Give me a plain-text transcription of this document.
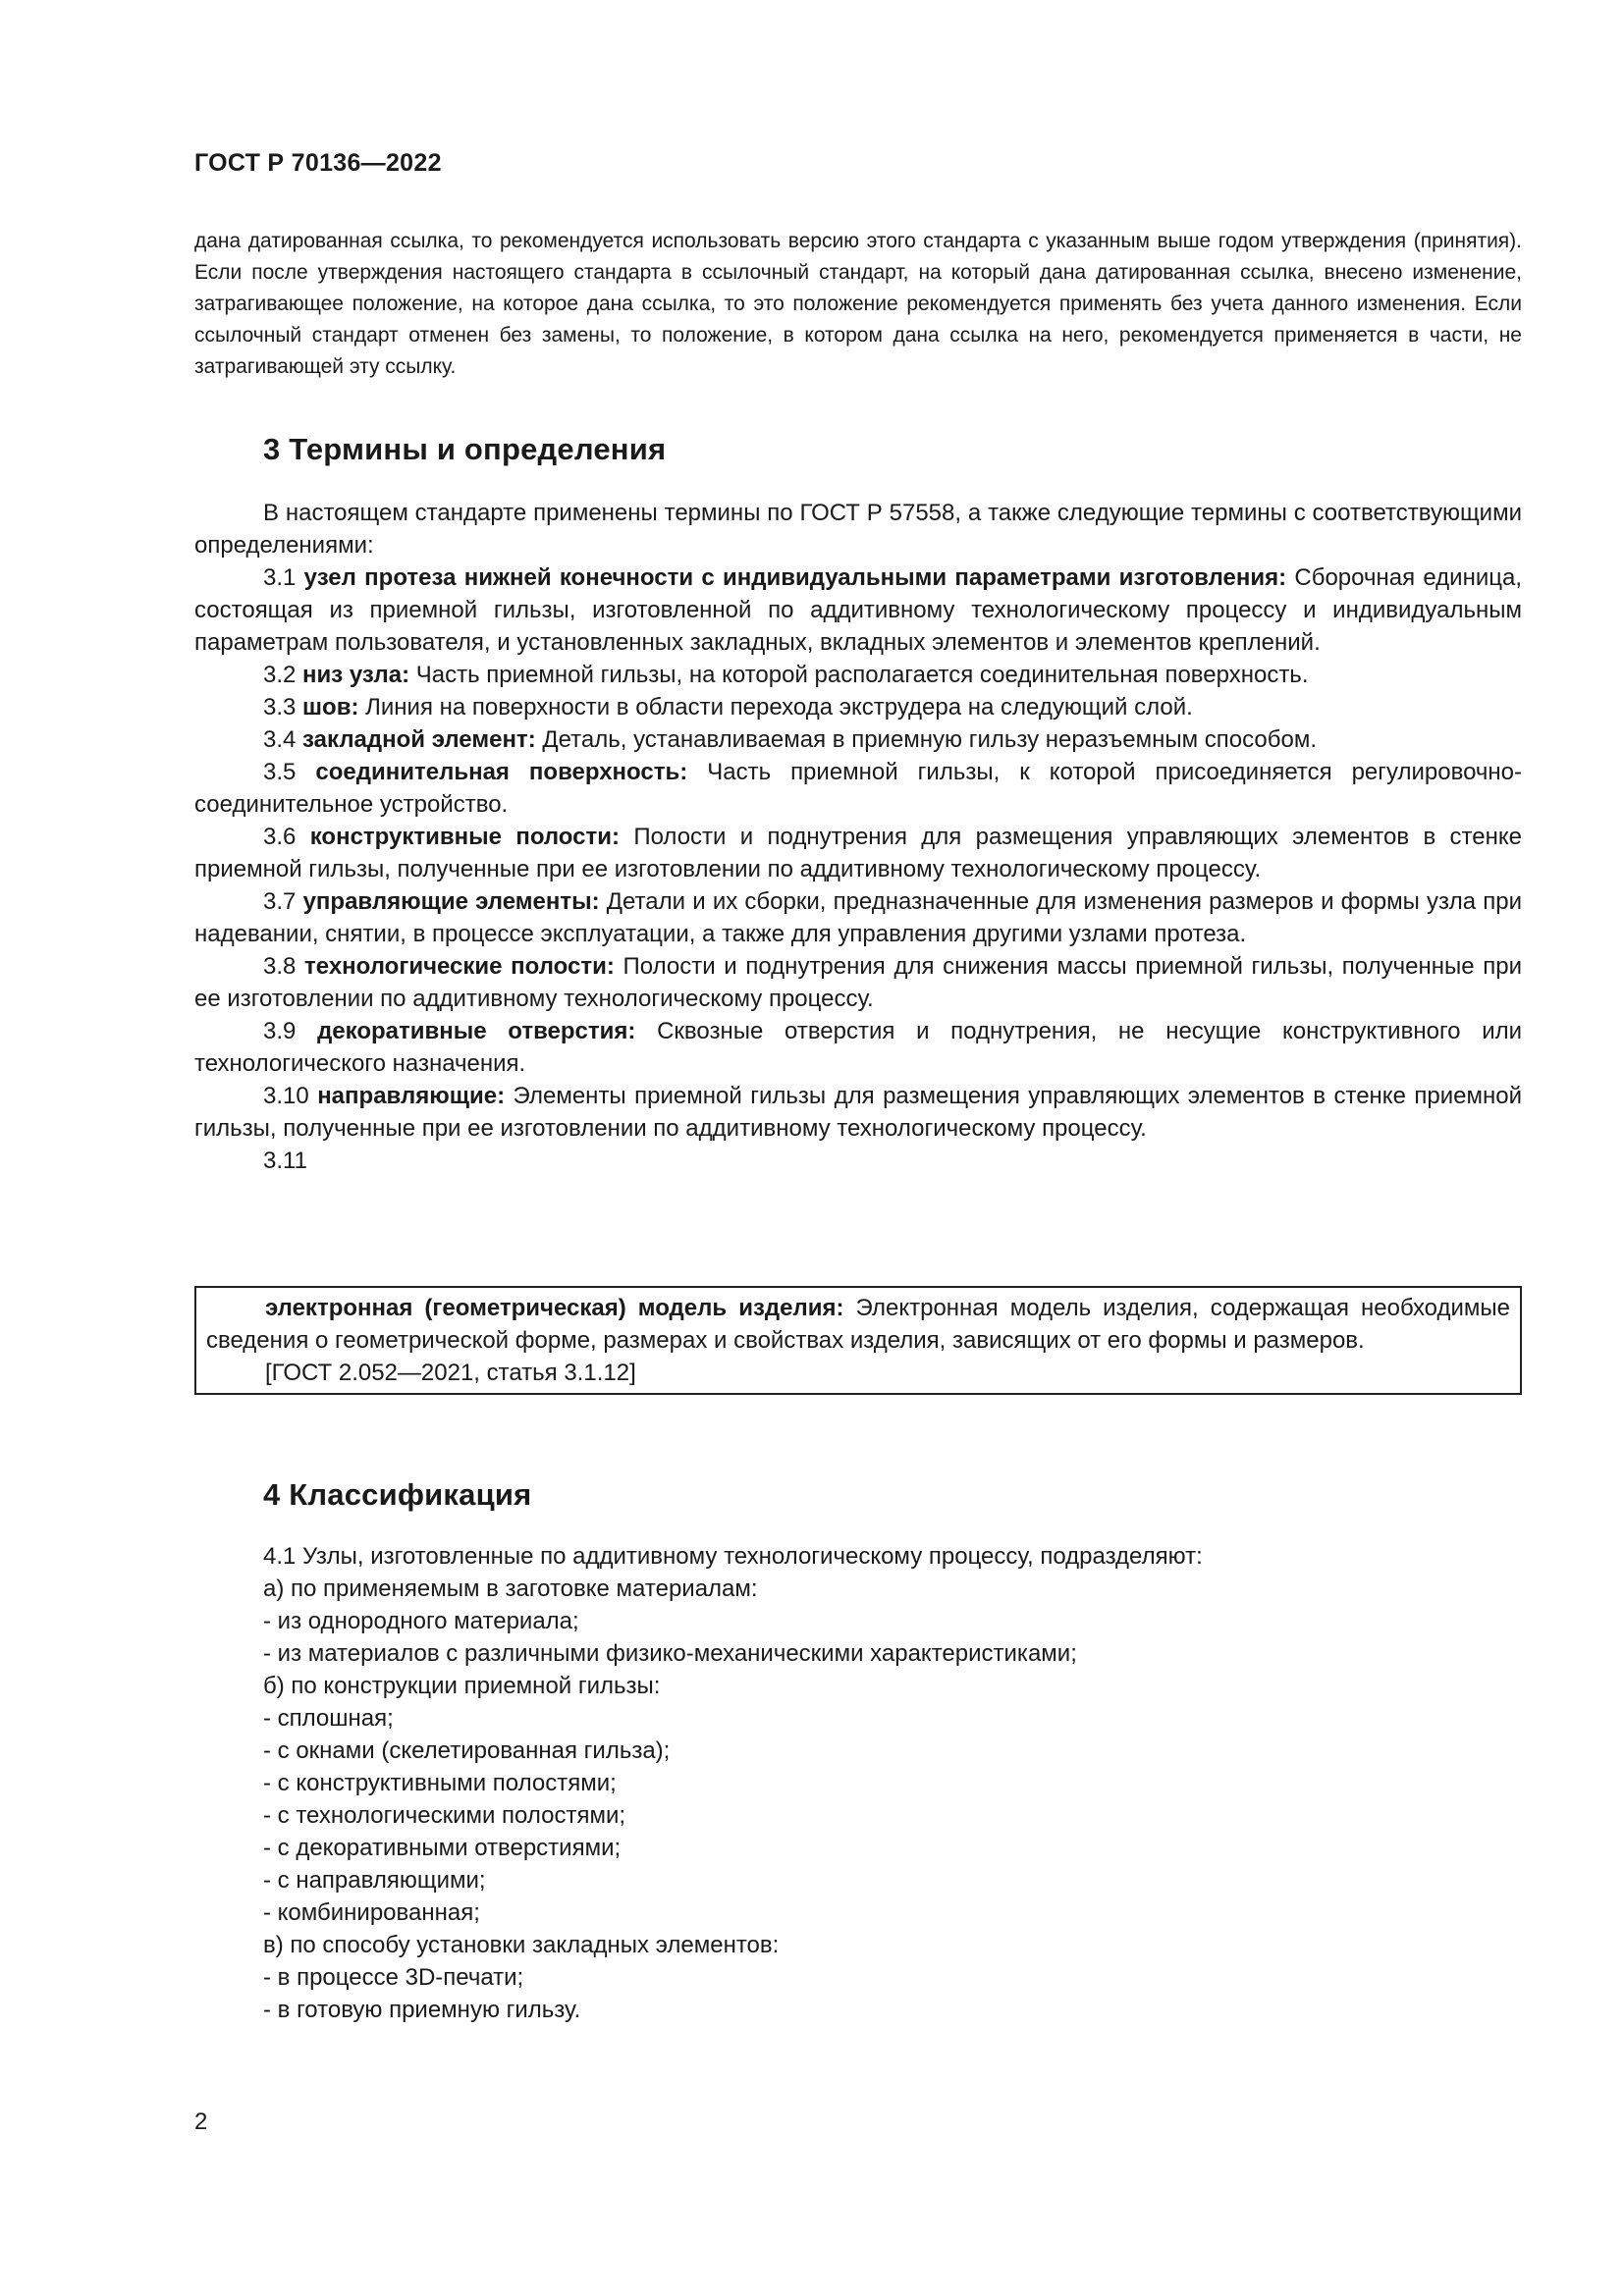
ГОСТ Р 70136—2022

дана датированная ссылка, то рекомендуется использовать версию этого стандарта с указанным выше годом утверждения (принятия). Если после утверждения настоящего стандарта в ссылочный стандарт, на который дана датированная ссылка, внесено изменение, затрагивающее положение, на которое дана ссылка, то это положение рекомендуется применять без учета данного изменения. Если ссылочный стандарт отменен без замены, то положение, в котором дана ссылка на него, рекомендуется применяется в части, не затрагивающей эту ссылку.

3 Термины и определения

В настоящем стандарте применены термины по ГОСТ Р 57558, а также следующие термины с соответствующими определениями:

3.1 узел протеза нижней конечности с индивидуальными параметрами изготовления: Сборочная единица, состоящая из приемной гильзы, изготовленной по аддитивному технологическому процессу и индивидуальным параметрам пользователя, и установленных закладных, вкладных элементов и элементов креплений.

3.2 низ узла: Часть приемной гильзы, на которой располагается соединительная поверхность.

3.3 шов: Линия на поверхности в области перехода экструдера на следующий слой.

3.4 закладной элемент: Деталь, устанавливаемая в приемную гильзу неразъемным способом.

3.5 соединительная поверхность: Часть приемной гильзы, к которой присоединяется регулировочно-соединительное устройство.

3.6 конструктивные полости: Полости и поднутрения для размещения управляющих элементов в стенке приемной гильзы, полученные при ее изготовлении по аддитивному технологическому процессу.

3.7 управляющие элементы: Детали и их сборки, предназначенные для изменения размеров и формы узла при надевании, снятии, в процессе эксплуатации, а также для управления другими узлами протеза.

3.8 технологические полости: Полости и поднутрения для снижения массы приемной гильзы, полученные при ее изготовлении по аддитивному технологическому процессу.

3.9 декоративные отверстия: Сквозные отверстия и поднутрения, не несущие конструктивного или технологического назначения.

3.10 направляющие: Элементы приемной гильзы для размещения управляющих элементов в стенке приемной гильзы, полученные при ее изготовлении по аддитивному технологическому процессу.

3.11

электронная (геометрическая) модель изделия: Электронная модель изделия, содержащая необходимые сведения о геометрической форме, размерах и свойствах изделия, зависящих от его формы и размеров.

[ГОСТ 2.052—2021, статья 3.1.12]

4 Классификация

4.1 Узлы, изготовленные по аддитивному технологическому процессу, подразделяют:

а) по применяемым в заготовке материалам:

- из однородного материала;

- из материалов с различными физико-механическими характеристиками;

б) по конструкции приемной гильзы:

- сплошная;

- с окнами (скелетированная гильза);

- с конструктивными полостями;

- с технологическими полостями;

- с декоративными отверстиями;

- с направляющими;

- комбинированная;

в) по способу установки закладных элементов:

- в процессе 3D-печати;

- в готовую приемную гильзу.

2
